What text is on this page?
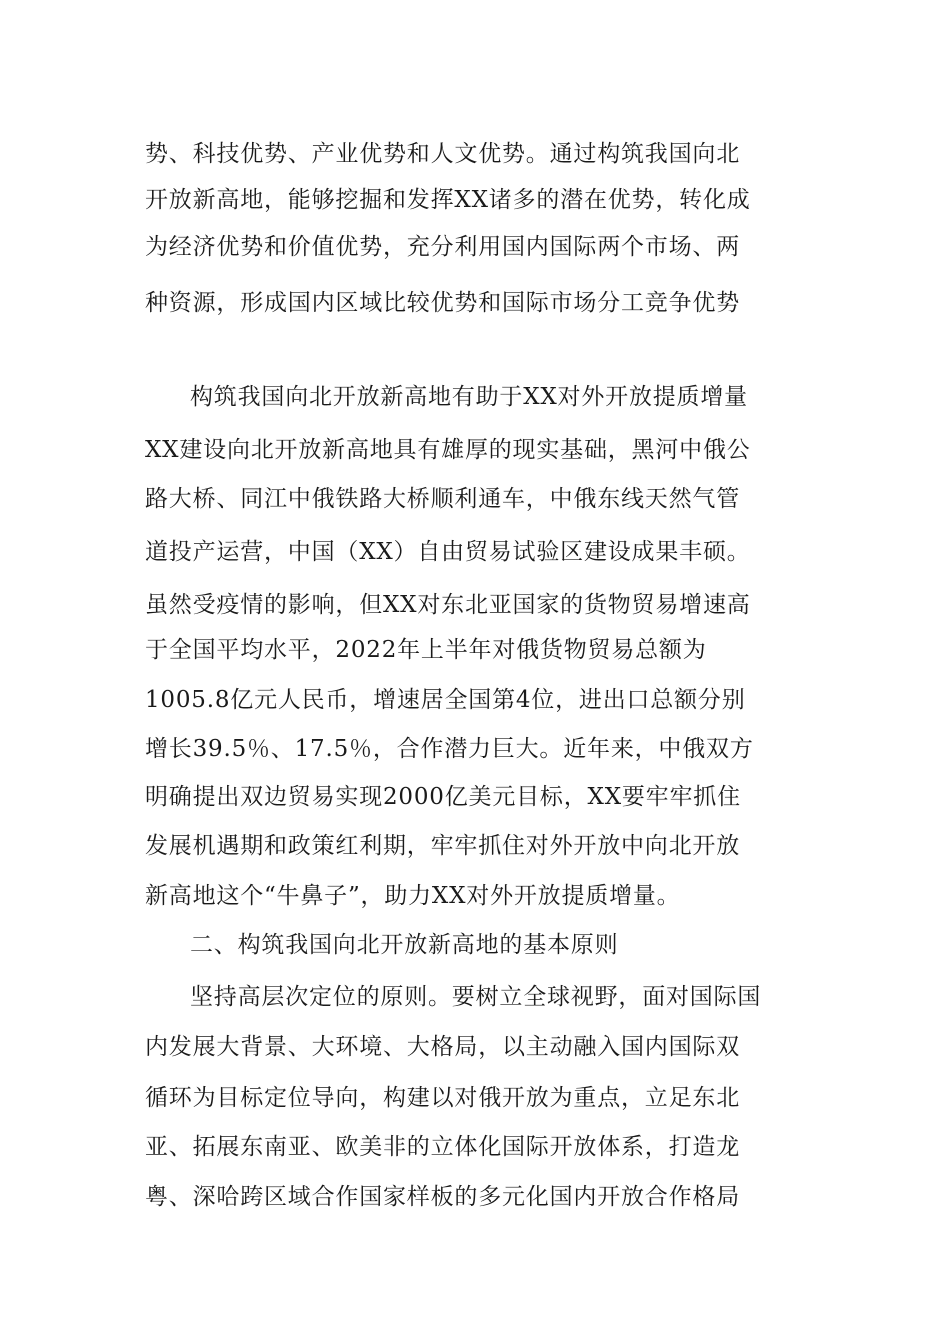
势、科技优势、产业优势和人文优势。通过构筑我国向北
开放新高地，能够挖掘和发挥XX诸多的潜在优势，转化成
为经济优势和价值优势，充分利用国内国际两个市场、两
种资源，形成国内区域比较优势和国际市场分工竞争优势
构筑我国向北开放新高地有助于XX对外开放提质增量
XX建设向北开放新高地具有雄厚的现实基础，黑河中俄公
路大桥、同江中俄铁路大桥顺利通车，中俄东线天然气管
道投产运营，中国（XX）自由贸易试验区建设成果丰硕。
虽然受疫情的影响，但XX对东北亚国家的货物贸易增速高
于全国平均水平，2022年上半年对俄货物贸易总额为
1005.8亿元人民币，增速居全国第4位，进出口总额分别
增长39.5％、17.5％，合作潜力巨大。近年来，中俄双方
明确提出双边贸易实现2000亿美元目标，XX要牢牢抓住
发展机遇期和政策红利期，牢牢抓住对外开放中向北开放
新高地这个“牛鼻子”，助力XX对外开放提质增量。
二、构筑我国向北开放新高地的基本原则
坚持高层次定位的原则。要树立全球视野，面对国际国
内发展大背景、大环境、大格局，以主动融入国内国际双
循环为目标定位导向，构建以对俄开放为重点，立足东北
亚、拓展东南亚、欧美非的立体化国际开放体系，打造龙
粤、深哈跨区域合作国家样板的多元化国内开放合作格局
